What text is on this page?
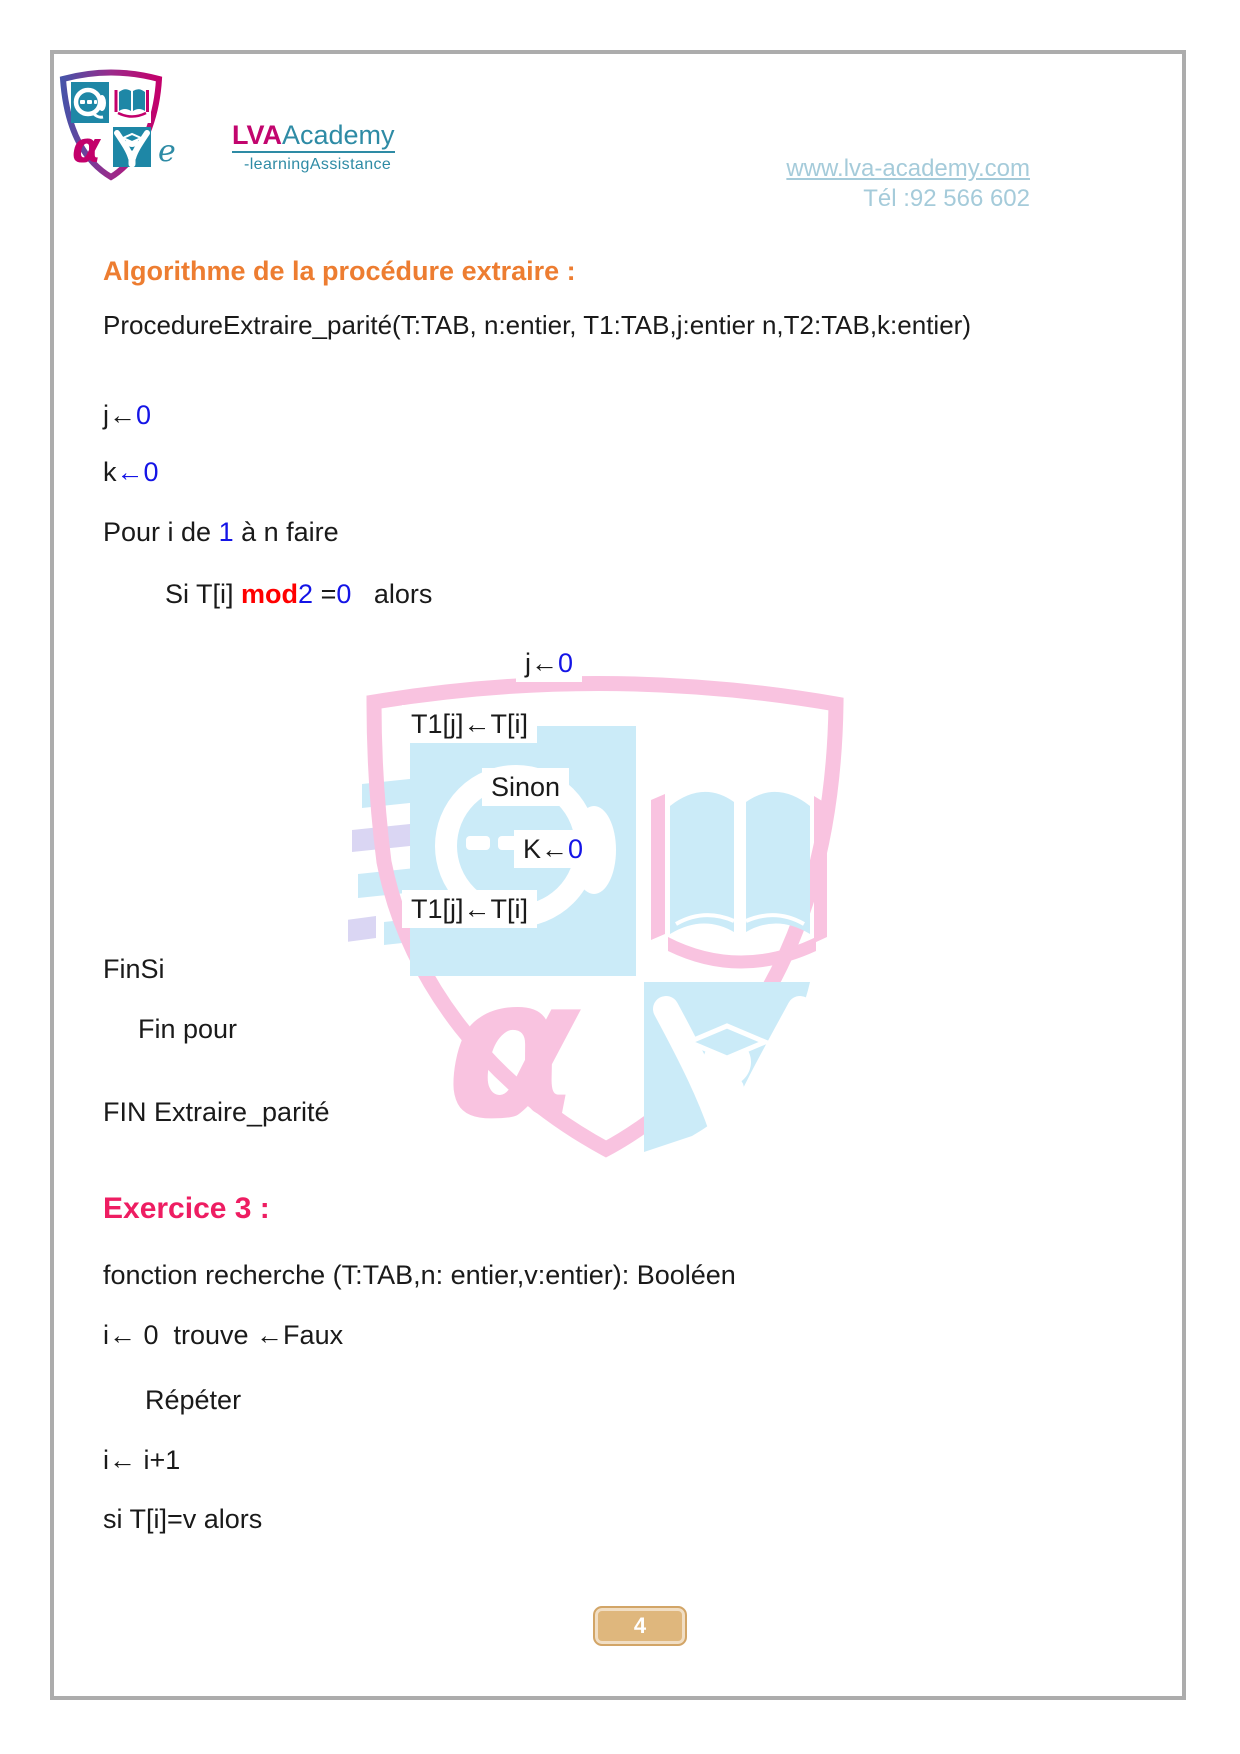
α
α	LVAAcademy
-learningAssistance
e	www.lva-academy.com
Tél :92 566 602
Algorithme de la procédure extraire :
ProcedureExtraire_parité(T:TAB, n:entier, T1:TAB,j:entier n,T2:TAB,k:entier)
j←0
k←0
Pour i de 1 à n faire
Si T[i] mod2 =0   alors
j←0
T1[j]←T[i]
Sinon
K←0
T1[j]←T[i]
FinSi
Fin pour
FIN Extraire_parité
Exercice 3 :
fonction recherche (T:TAB,n: entier,v:entier): Booléen
i← 0  trouve ←Faux
Répéter
i← i+1
si T[i]=v alors
4
